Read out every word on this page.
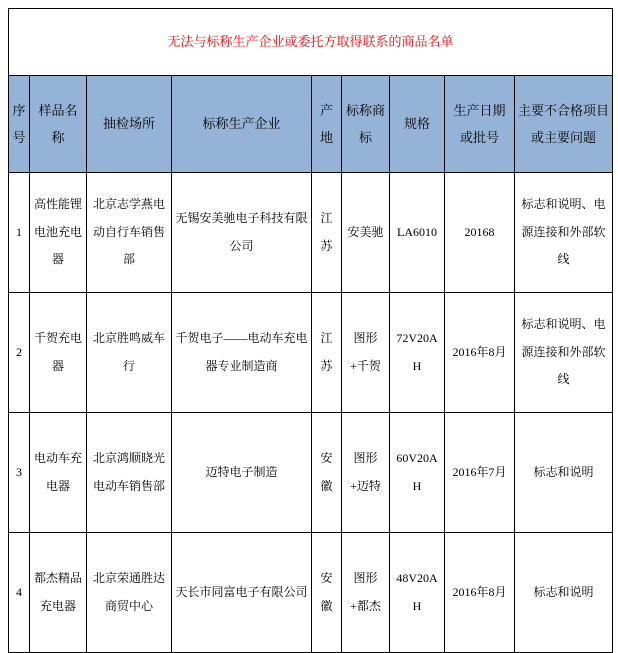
无法与标称生产企业或委托方取得联系的商品名单								
序号	样品名称	抽检场所	标称生产企业	产地	标称商标	规格	生产日期或批号	主要不合格项目或主要问题
1	高性能锂电池充电器	北京志学燕电动自行车销售部	无锡安美驰电子科技有限公司	江苏	安美驰	LA6010	20168	标志和说明、电源连接和外部软线
2	千贺充电器	北京胜鸣威车行	千贺电子——电动车充电器专业制造商	江苏	图形+千贺	72V20AH	2016年8月	标志和说明、电源连接和外部软线
3	电动车充电器	北京鸿顺晓光电动车销售部	迈特电子制造	安徽	图形+迈特	60V20AH	2016年7月	标志和说明
4	都杰精品充电器	北京荣通胜达商贸中心	天长市同富电子有限公司	安徽	图形+都杰	48V20AH	2016年8月	标志和说明
